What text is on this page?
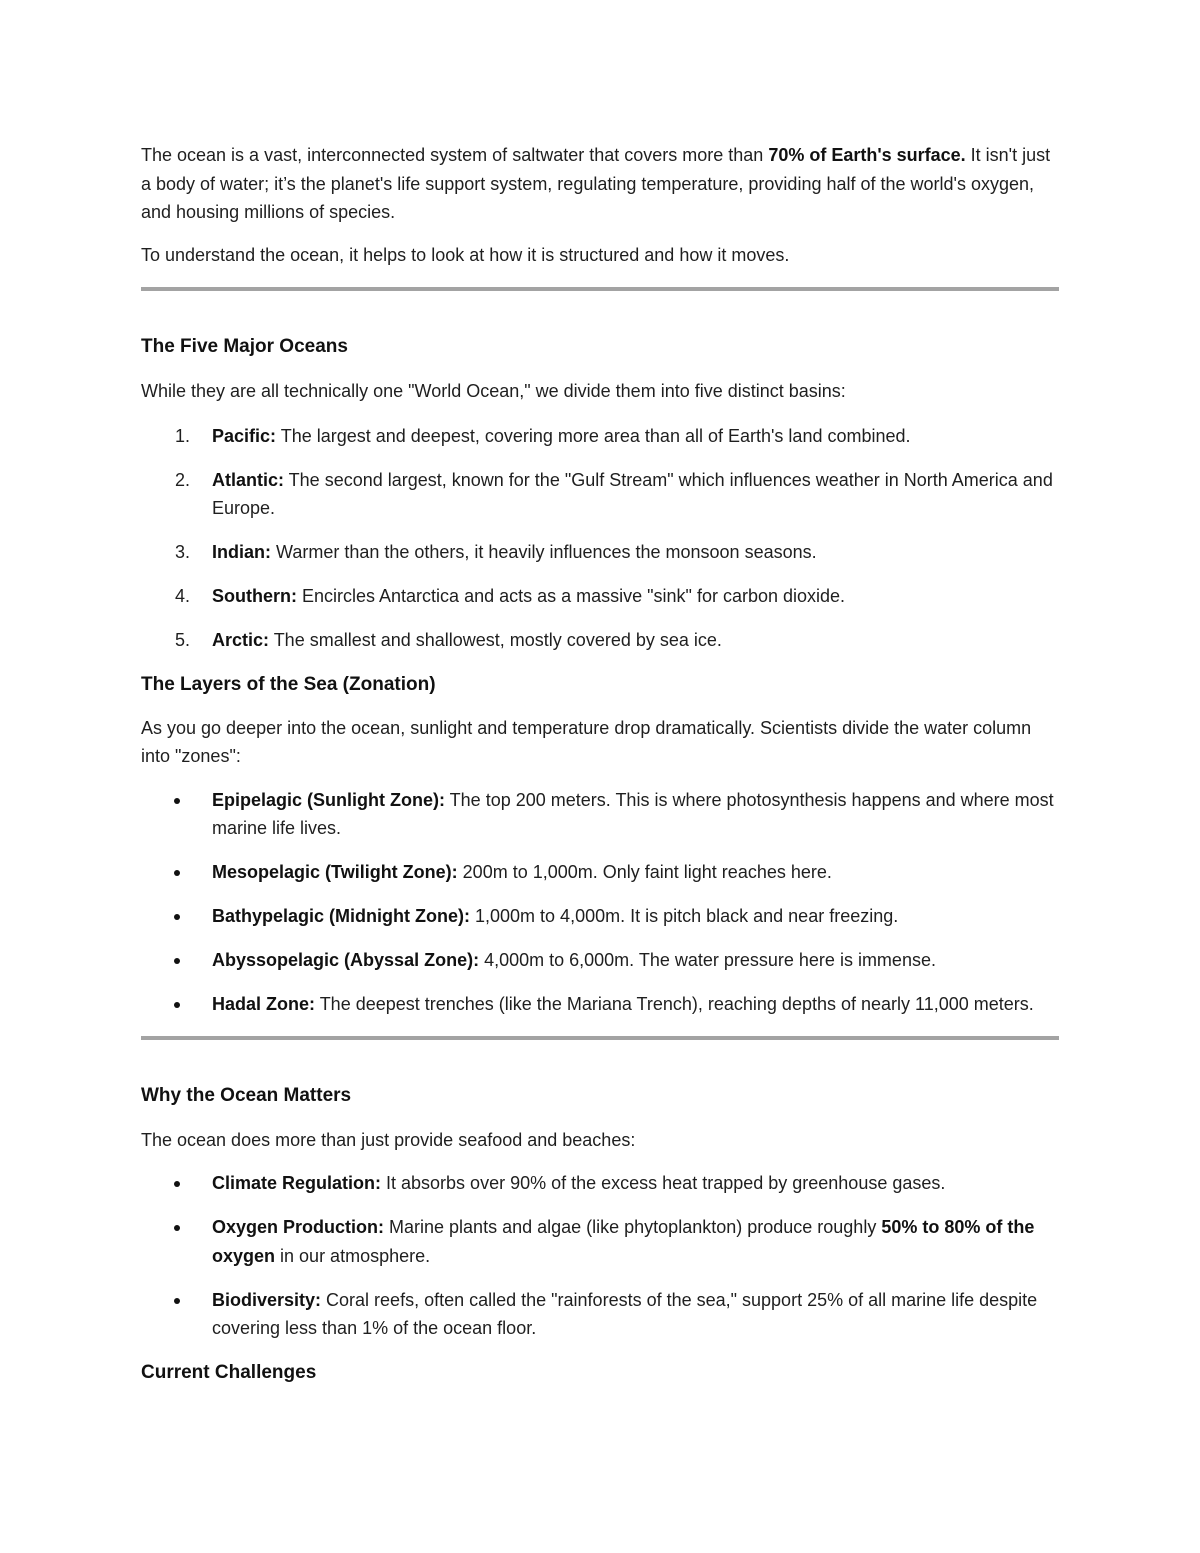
The ocean is a vast, interconnected system of saltwater that covers more than 70% of Earth's surface. It isn't just a body of water; it’s the planet's life support system, regulating temperature, providing half of the world's oxygen, and housing millions of species.

To understand the ocean, it helps to look at how it is structured and how it moves.

The Five Major Oceans

While they are all technically one "World Ocean," we divide them into five distinct basins:

1. Pacific: The largest and deepest, covering more area than all of Earth's land combined.
2. Atlantic: The second largest, known for the "Gulf Stream" which influences weather in North America and Europe.
3. Indian: Warmer than the others, it heavily influences the monsoon seasons.
4. Southern: Encircles Antarctica and acts as a massive "sink" for carbon dioxide.
5. Arctic: The smallest and shallowest, mostly covered by sea ice.
The Layers of the Sea (Zonation)

As you go deeper into the ocean, sunlight and temperature drop dramatically. Scientists divide the water column into "zones":

Epipelagic (Sunlight Zone): The top 200 meters. This is where photosynthesis happens and where most marine life lives.
Mesopelagic (Twilight Zone): 200m to 1,000m. Only faint light reaches here.
Bathypelagic (Midnight Zone): 1,000m to 4,000m. It is pitch black and near freezing.
Abyssopelagic (Abyssal Zone): 4,000m to 6,000m. The water pressure here is immense.
Hadal Zone: The deepest trenches (like the Mariana Trench), reaching depths of nearly 11,000 meters.
Why the Ocean Matters

The ocean does more than just provide seafood and beaches:

Climate Regulation: It absorbs over 90% of the excess heat trapped by greenhouse gases.
Oxygen Production: Marine plants and algae (like phytoplankton) produce roughly 50% to 80% of the oxygen in our atmosphere.
Biodiversity: Coral reefs, often called the "rainforests of the sea," support 25% of all marine life despite covering less than 1% of the ocean floor.
Current Challenges
